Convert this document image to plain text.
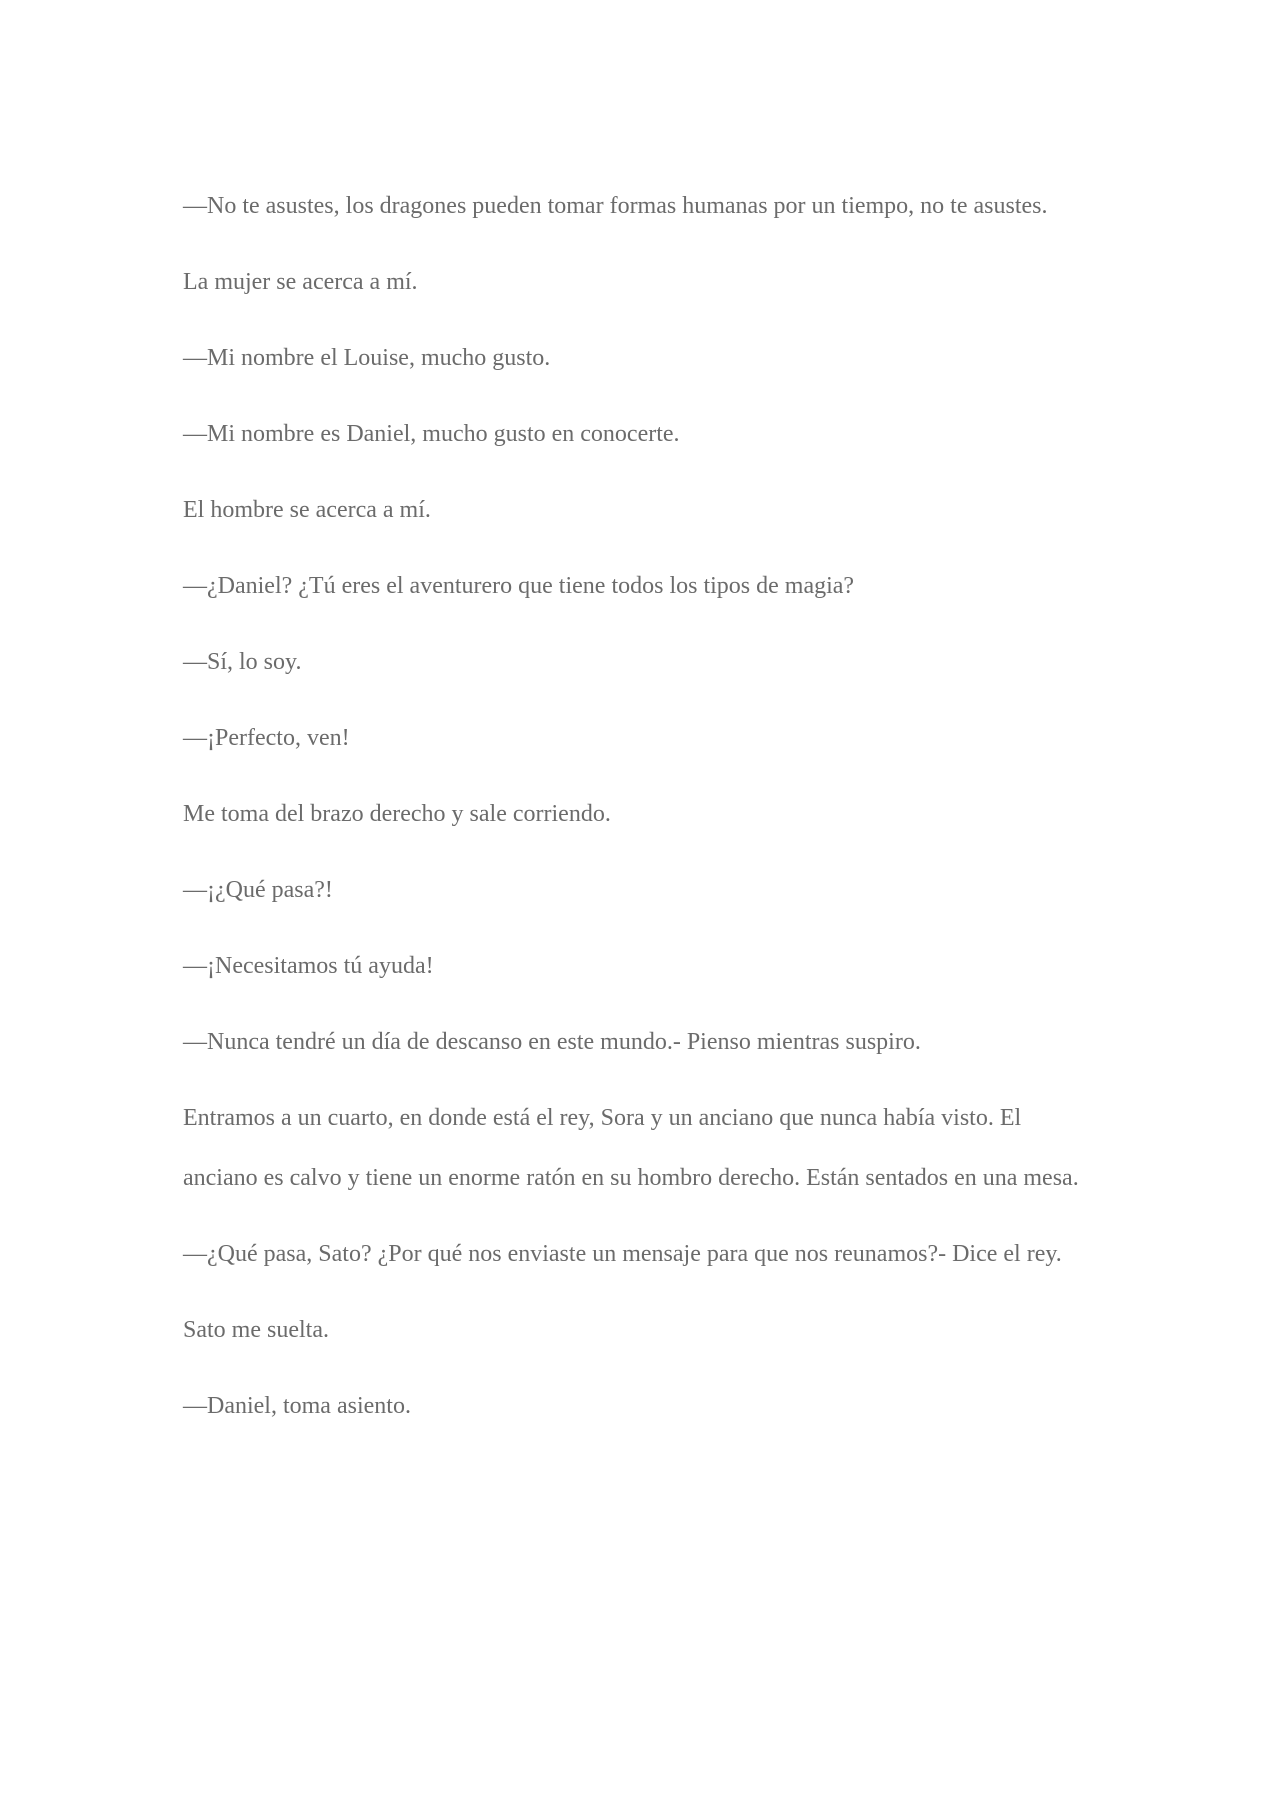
—No te asustes, los dragones pueden tomar formas humanas por un tiempo, no te asustes.

La mujer se acerca a mí.

—Mi nombre el Louise, mucho gusto.

—Mi nombre es Daniel, mucho gusto en conocerte.

El hombre se acerca a mí.

—¿Daniel? ¿Tú eres el aventurero que tiene todos los tipos de magia?

—Sí, lo soy.

—¡Perfecto, ven!

Me toma del brazo derecho y sale corriendo.

—¡¿Qué pasa?!

—¡Necesitamos tú ayuda!

—Nunca tendré un día de descanso en este mundo.- Pienso mientras suspiro.

Entramos a un cuarto, en donde está el rey, Sora y un anciano que nunca había visto. El anciano es calvo y tiene un enorme ratón en su hombro derecho. Están sentados en una mesa.

—¿Qué pasa, Sato? ¿Por qué nos enviaste un mensaje para que nos reunamos?- Dice el rey.

Sato me suelta.

—Daniel, toma asiento.
